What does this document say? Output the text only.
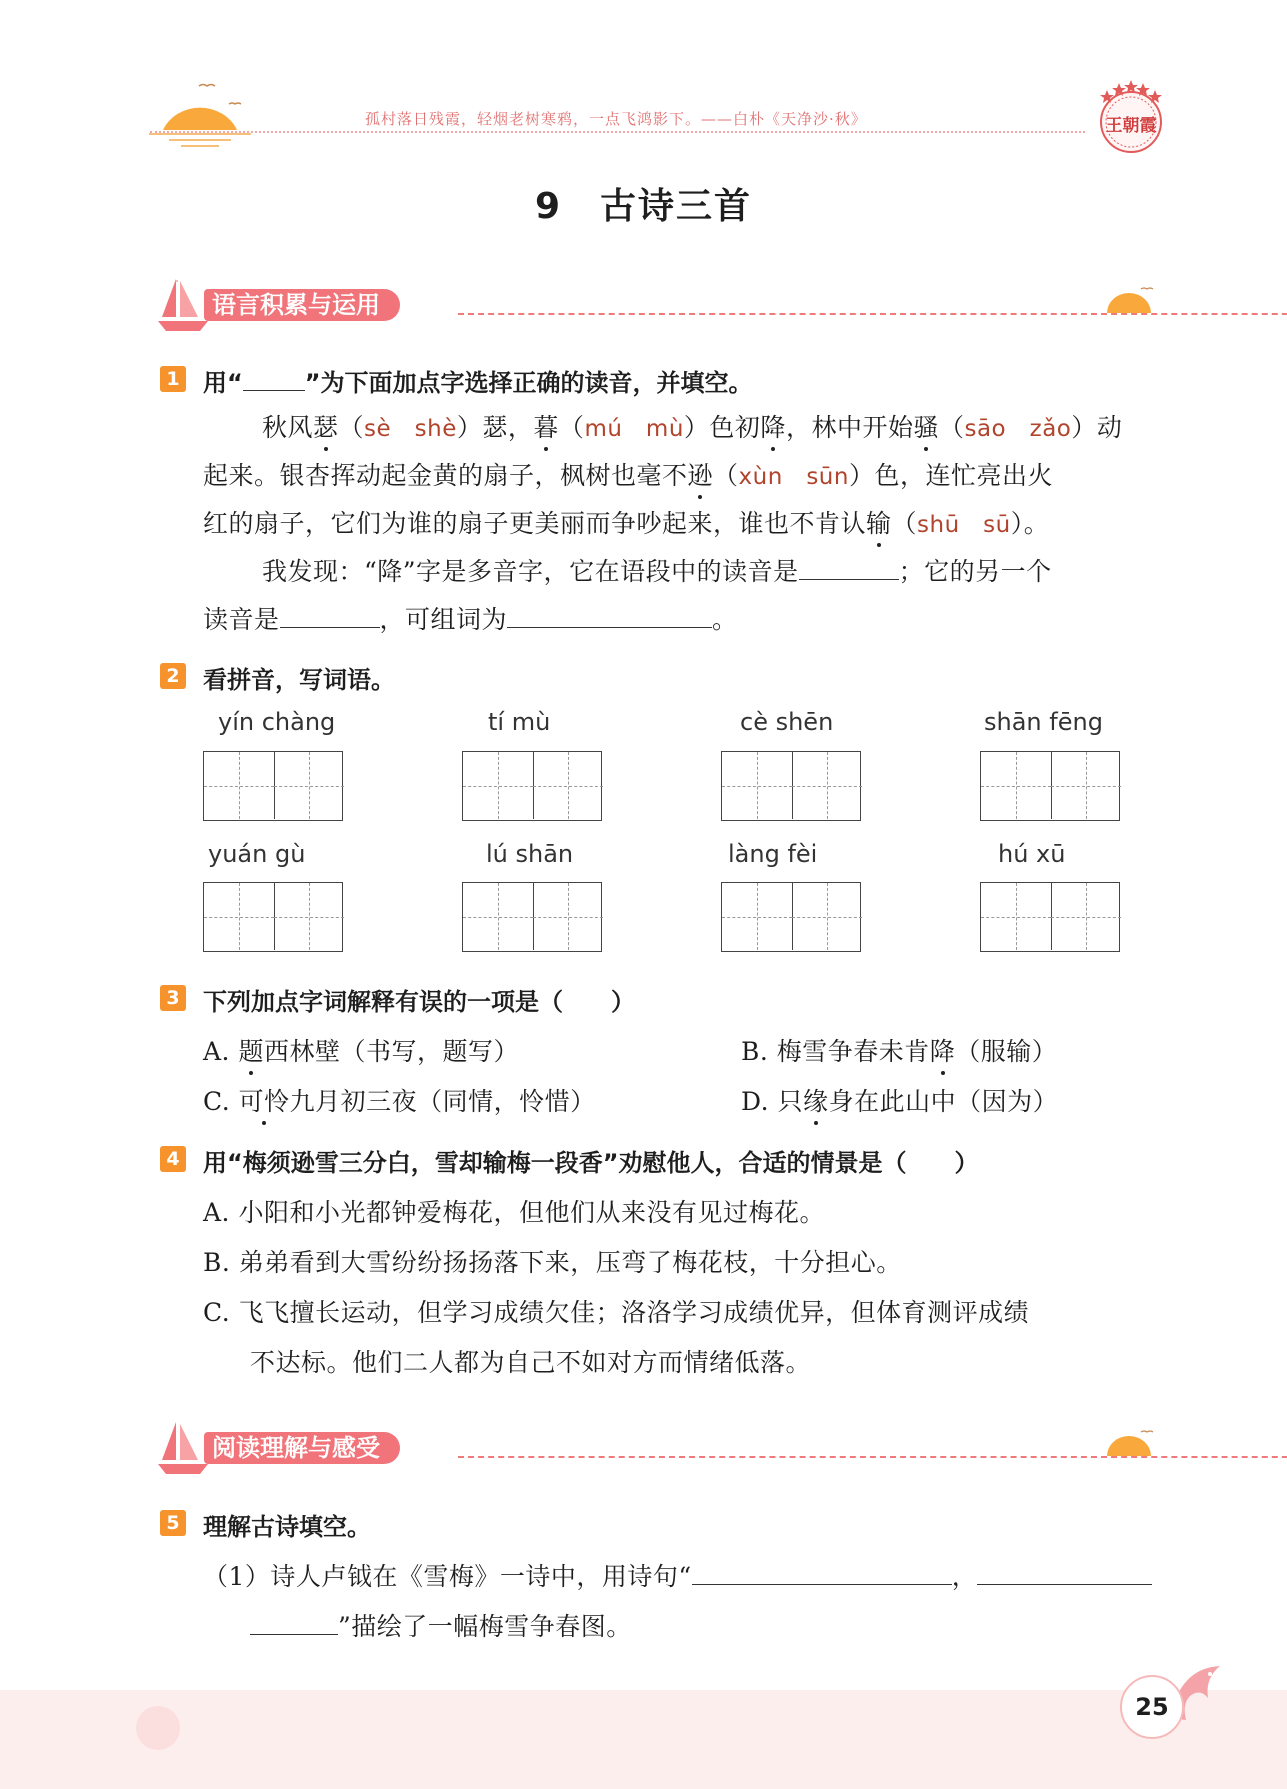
孤村落日残霞，轻烟老树寒鸦，一点飞鸿影下。——白朴《天净沙·秋》	王朝霞
9　古诗三首
语言积累与运用
1 用“	”为下面加点字选择正确的读音，并填空。
秋风瑟（sè　shè）瑟，暮（mú　mù）色初降，林中开始骚（sāo　zǎo）动
起来。银杏挥动起金黄的扇子，枫树也毫不逊（xùn　sūn）色，连忙亮出火
红的扇子，它们为谁的扇子更美丽而争吵起来，谁也不肯认输（shū　sū）。
我发现：“降”字是多音字，它在语段中的读音是	；它的另一个
读音是	，可组词为	。
2 看拼音，写词语。
yín chàng	tí mù	cè shēn	shān fēng
yuán gù	lú shān	làng fèi	hú xū
3 下列加点字词解释有误的一项是（　　）
A. 题西林壁（书写，题写）	B. 梅雪争春未肯降（服输）
C. 可怜九月初三夜（同情，怜惜）	D. 只缘身在此山中（因为）
4 用“梅须逊雪三分白，雪却输梅一段香”劝慰他人，合适的情景是（　　）
A. 小阳和小光都钟爱梅花，但他们从来没有见过梅花。
B. 弟弟看到大雪纷纷扬扬落下来，压弯了梅花枝，十分担心。
C. 飞飞擅长运动，但学习成绩欠佳；洛洛学习成绩优异，但体育测评成绩
不达标。他们二人都为自己不如对方而情绪低落。
阅读理解与感受
5 理解古诗填空。
（1）诗人卢钺在《雪梅》一诗中，用诗句“	，
”描绘了一幅梅雪争春图。
25
